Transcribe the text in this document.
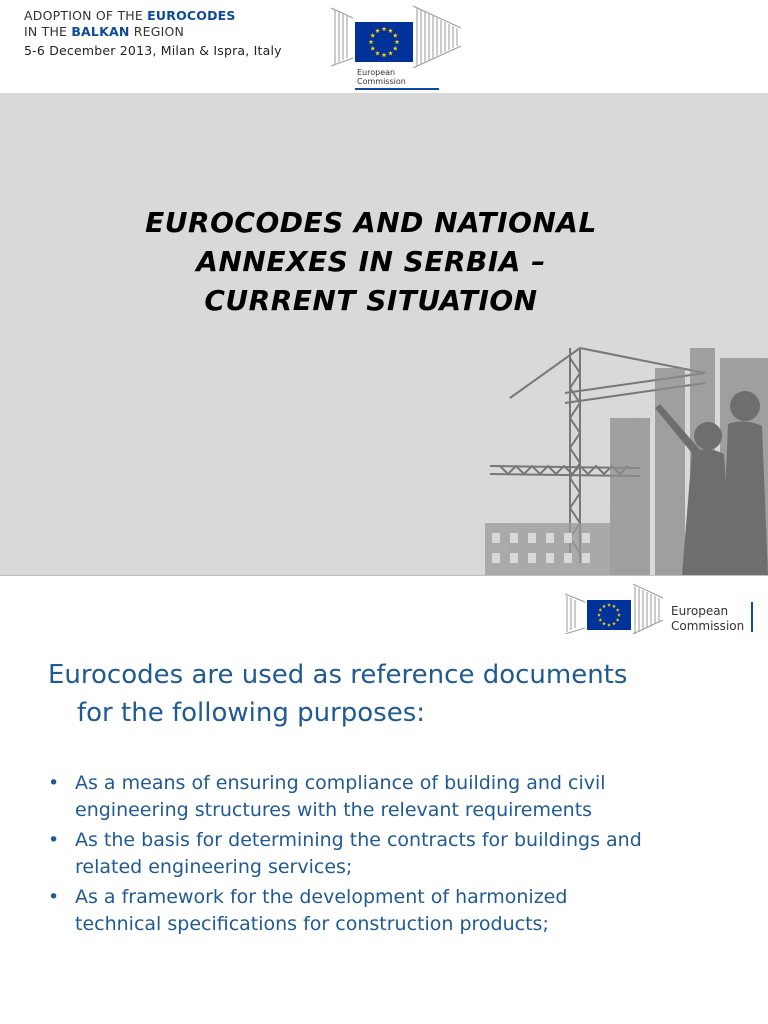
ADOPTION OF THE EUROCODES
IN THE BALKAN REGION
5-6 December 2013, Milan & Ispra, Italy
European
Commission
EUROCODES AND NATIONAL
ANNEXES IN SERBIA –
CURRENT SITUATION
European
Commission
Eurocodes are used as reference documents
for the following purposes:
• As a means of ensuring compliance of building and civil
engineering structures with the relevant requirements
• As the basis for determining the contracts for buildings and
related engineering services;
• As a framework for the development of harmonized
technical specifications for construction products;
